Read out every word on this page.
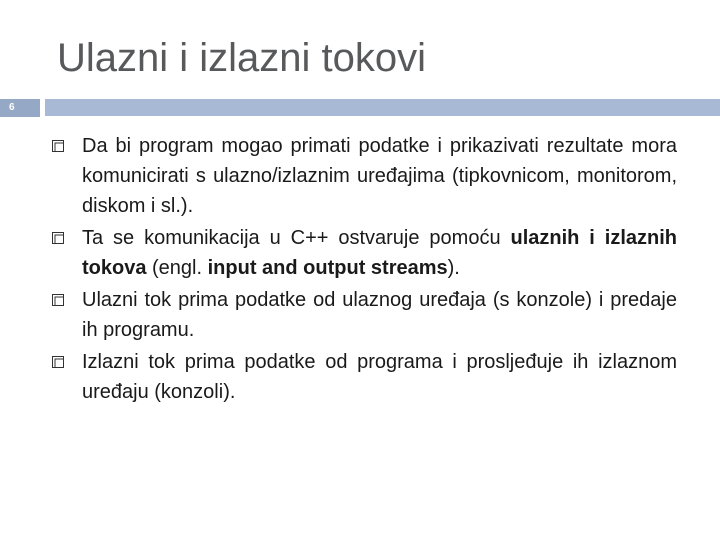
Ulazni i izlazni tokovi
6
Da bi program mogao primati podatke i prikazivati rezultate mora komunicirati s ulazno/izlaznim uređajima (tipkovnicom, monitorom, diskom i sl.).
Ta se komunikacija u C++ ostvaruje pomoću ulaznih i izlaznih tokova (engl. input and output streams).
Ulazni tok prima podatke od ulaznog uređaja (s konzole) i predaje ih programu.
Izlazni tok prima podatke od programa i prosljeđuje ih izlaznom uređaju (konzoli).
